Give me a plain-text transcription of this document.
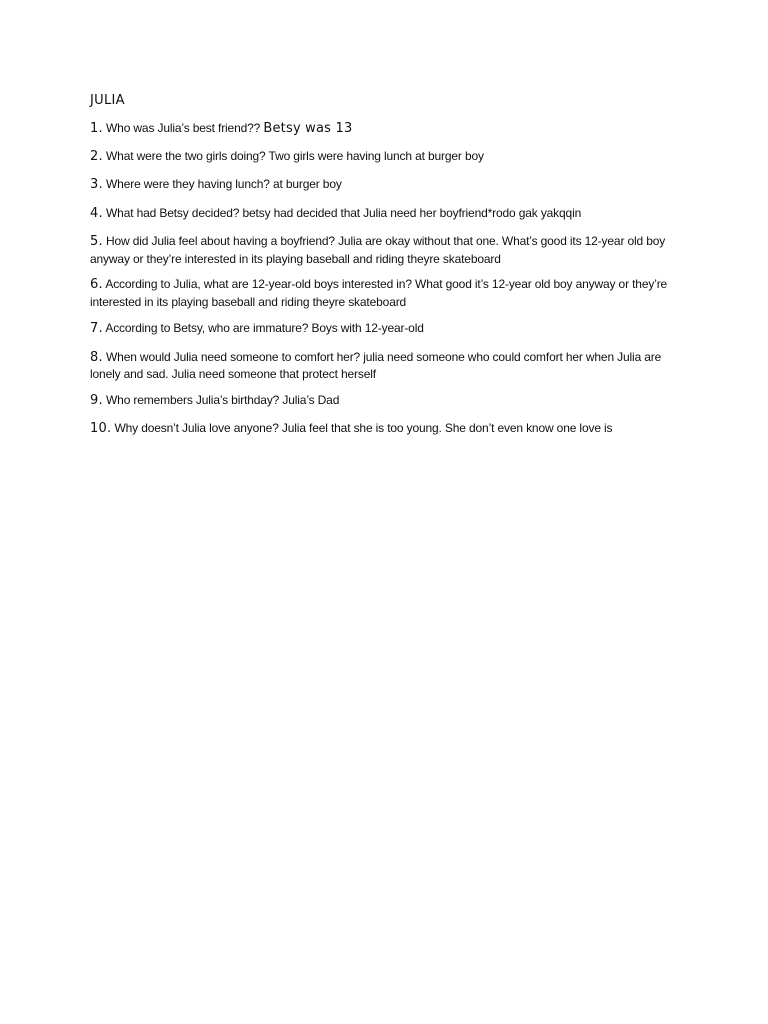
JULIA
1. Who was Julia’s best friend?? Betsy was 13
2. What were the two girls doing? Two girls were having lunch at burger boy
3. Where were they having lunch? at burger boy
4. What had Betsy decided? betsy had decided that Julia need her boyfriend*rodo gak yakqqin
5. How did Julia feel about having a boyfriend? Julia are okay without that one. What’s good its 12-year old boy anyway or they’re interested in its playing baseball and riding theyre skateboard
6. According to Julia, what are 12-year-old boys interested in? What good it’s 12-year old boy anyway or they’re interested in its playing baseball and riding theyre skateboard
7. According to Betsy, who are immature? Boys with 12-year-old
8. When would Julia need someone to comfort her? julia need someone who could comfort her when Julia are lonely and sad. Julia need someone that protect herself
9. Who remembers Julia’s birthday? Julia’s Dad
10. Why doesn’t Julia love anyone? Julia feel that she is too young. She don’t even know one love is
